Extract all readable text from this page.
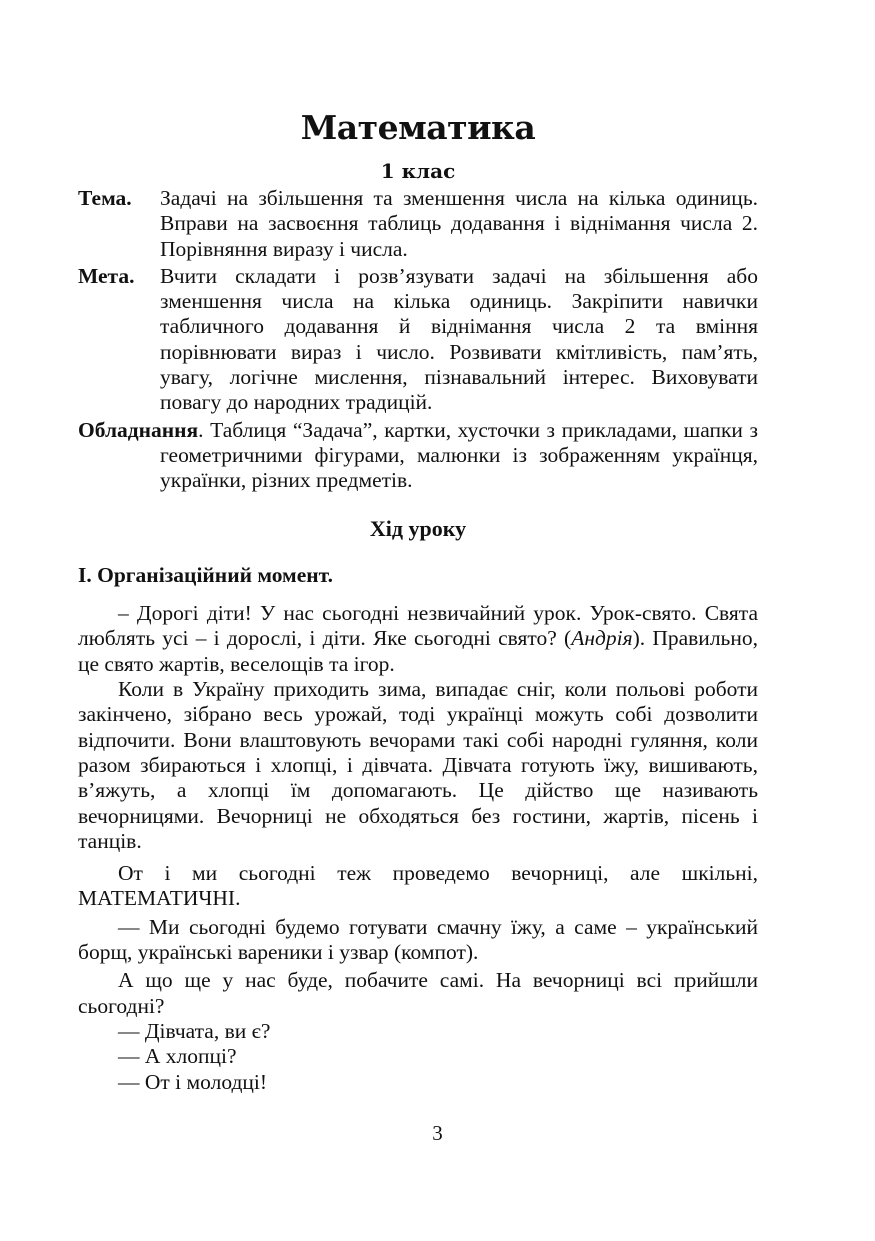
Математика
1 клас
Тема.	Задачі на збільшення та зменшення числа на кілька одиниць. Вправи на засвоєння таблиць додавання і віднімання числа 2. Порівняння виразу і числа.
Мета.	Вчити складати і розв’язувати задачі на збільшення або зменшення числа на кілька одиниць. Закріпити навички табличного додавання й віднімання числа 2 та вміння порівнювати вираз і число. Розвивати кмітливість, пам’ять, увагу, логічне мислення, пізнавальний інтерес. Виховувати повагу до народних традицій.
Обладнання. Таблиця “Задача”, картки, хусточки з прикладами, шапки з геометричними фігурами, малюнки із зображенням українця, українки, різних предметів.
Хід уроку
І. Організаційний момент.

– Дорогі діти! У нас сьогодні незвичайний урок. Урок-свято. Свята люблять усі – і дорослі, і діти. Яке сьогодні свято? (Андрія). Правильно, це свято жартів, веселощів та ігор.

Коли в Україну приходить зима, випадає сніг, коли польові роботи закінчено, зібрано весь урожай, тоді українці можуть собі дозволити відпочити. Вони влаштовують вечорами такі собі народні гуляння, коли разом збираються і хлопці, і дівчата. Дівчата готують їжу, вишивають, в’яжуть, а хлопці їм допомагають. Це дійство ще називають вечорницями. Вечорниці не обходяться без гостини, жартів, пісень і танців.

От і ми сьогодні теж проведемо вечорниці, але шкільні, МАТЕМАТИЧНІ.

— Ми сьогодні будемо готувати смачну їжу, а саме – український борщ, українські вареники і узвар (компот).

А що ще у нас буде, побачите самі. На вечорниці всі прийшли сьогодні?

— Дівчата, ви є?

— А хлопці?

— От і молодці!

3
